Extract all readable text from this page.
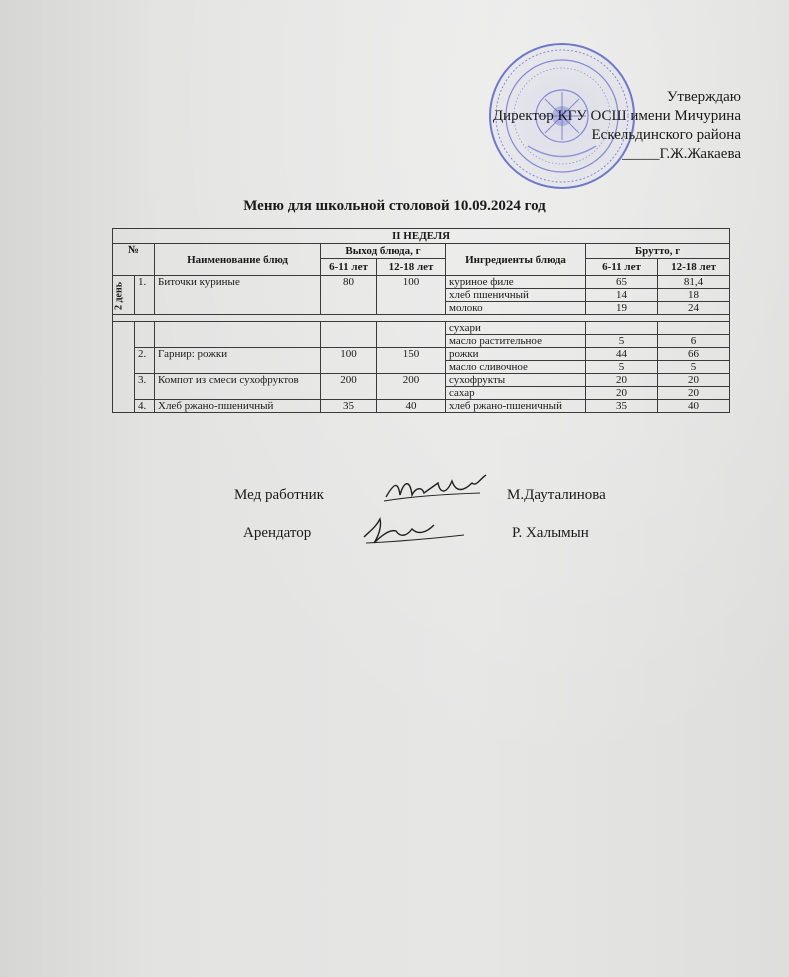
Утверждаю
Директор КГУ ОСШ имени Мичурина
Ескельдинского района
_____Г.Ж.Жакаева
Меню для школьной столовой 10.09.2024 год
II НЕДЕЛЯ							
№		Наименование блюд	Выход блюда, г		Ингредиенты блюда	Брутто, г	
			6-11 лет	12-18 лет		6-11 лет	12-18 лет
2 день	1.	Биточки куриные	80	100	куриное филе	65	81,4
					хлеб пшеничный	14	18
					молоко	19	24

					сухари		
					масло растительное	5	6
	2.	Гарнир: рожки	100	150	рожки	44	66
					масло сливочное	5	5
	3.	Компот из смеси сухофруктов	200	200	сухофрукты	20	20
					сахар	20	20
	4.	Хлеб ржано-пшеничный	35	40	хлеб ржано-пшеничный	35	40
Мед работник	М.Дауталинова
Арендатор	Р. Халымын
